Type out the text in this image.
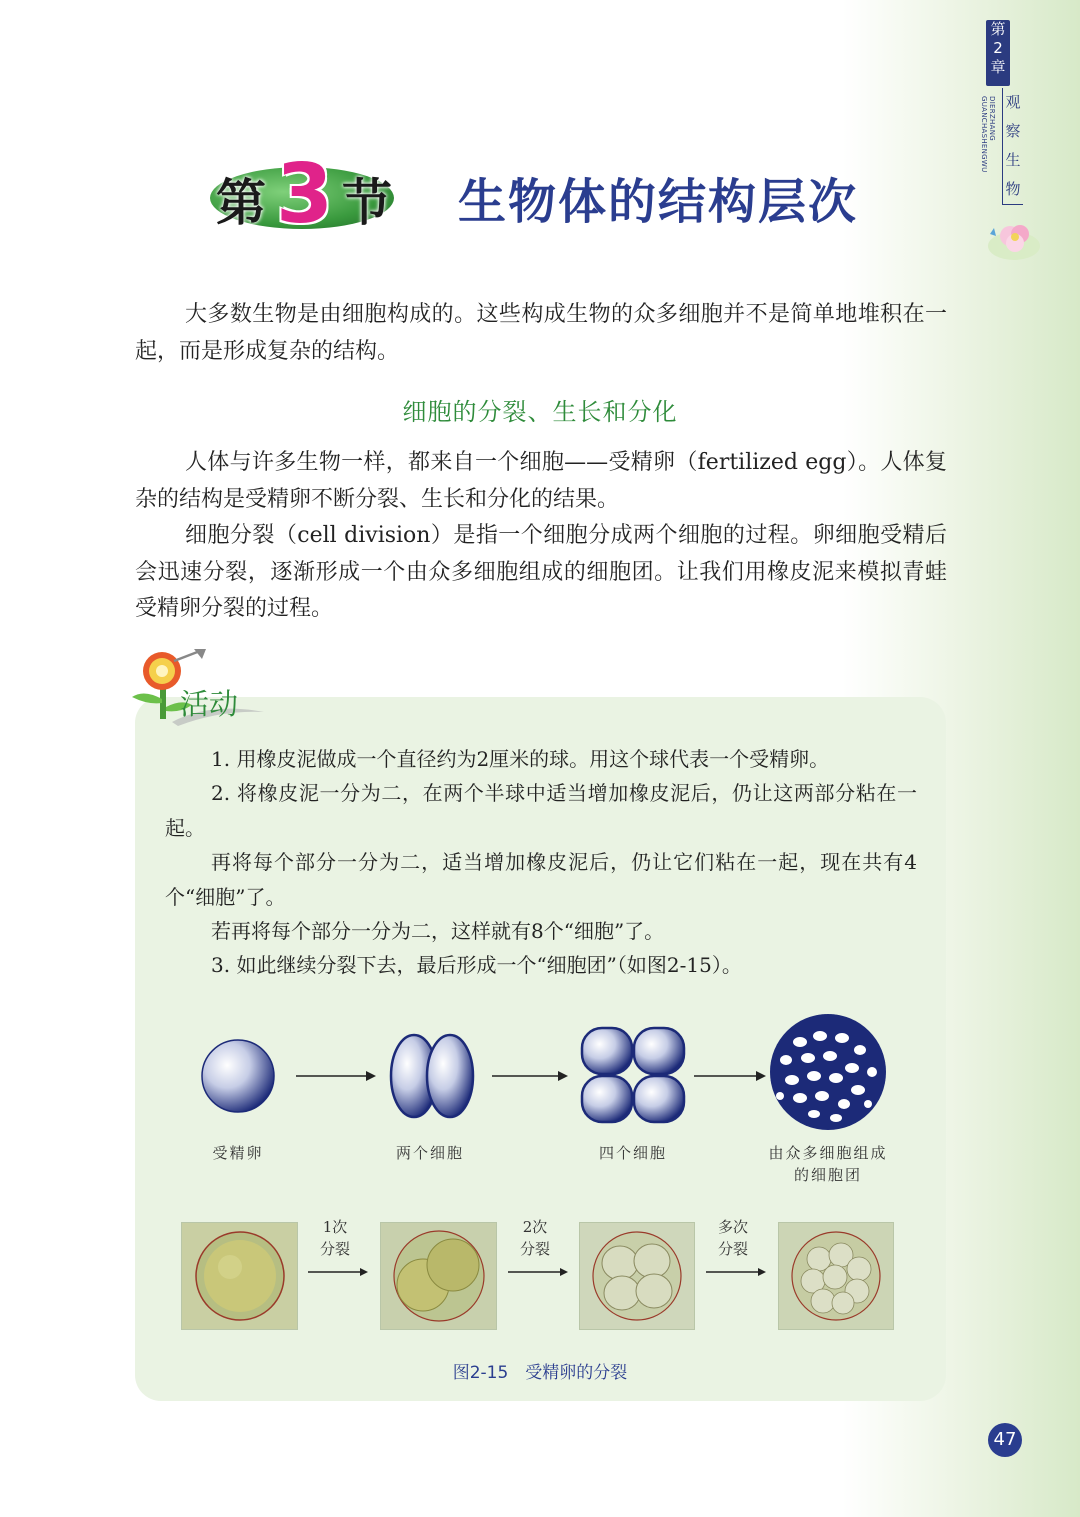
第
2
章
观
察
生
物
DIERZHANG GUANCHASHENGWU
第 3 节 生物体的结构层次
大多数生物是由细胞构成的。这些构成生物的众多细胞并不是简单地堆积在一起，而是形成复杂的结构。
细胞的分裂、生长和分化
人体与许多生物一样，都来自一个细胞——受精卵（fertilized egg）。人体复杂的结构是受精卵不断分裂、生长和分化的结果。
细胞分裂（cell division）是指一个细胞分成两个细胞的过程。卵细胞受精后会迅速分裂，逐渐形成一个由众多细胞组成的细胞团。让我们用橡皮泥来模拟青蛙受精卵分裂的过程。
活动
1. 用橡皮泥做成一个直径约为2厘米的球。用这个球代表一个受精卵。
2. 将橡皮泥一分为二，在两个半球中适当增加橡皮泥后，仍让这两部分粘在一起。
再将每个部分一分为二，适当增加橡皮泥后，仍让它们粘在一起，现在共有4个“细胞”了。
若再将每个部分一分为二，这样就有8个“细胞”了。
3. 如此继续分裂下去，最后形成一个“细胞团”（如图2-15）。
受精卵	两个细胞	四个细胞	由众多细胞组成
的细胞团
1次
分裂
2次
分裂
多次
分裂
图2-15　受精卵的分裂
47
